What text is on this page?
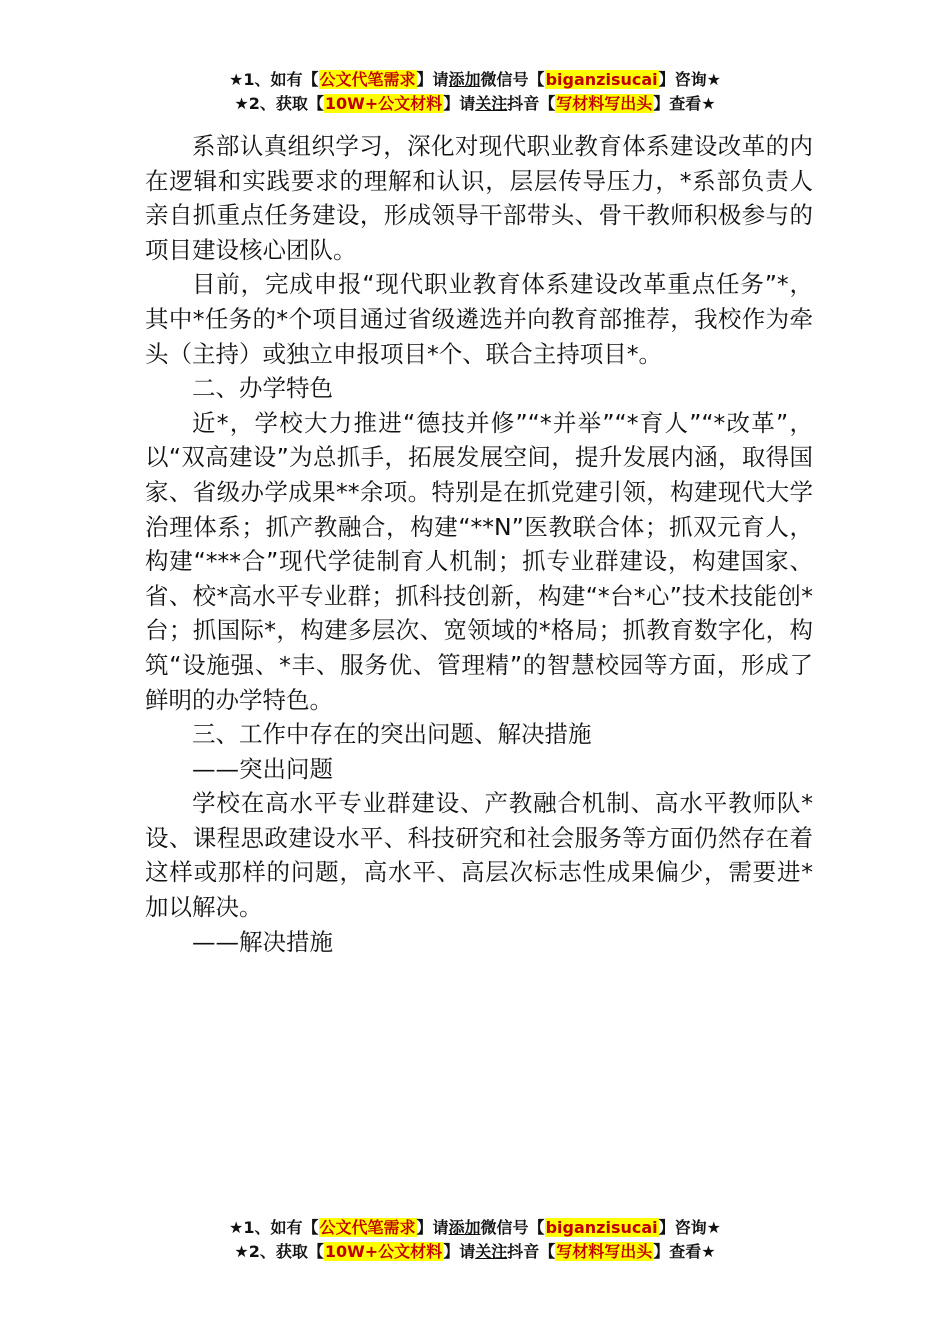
★1、如有【公文代笔需求】请添加微信号【biganzisucai】咨询★
★2、获取【10W+公文材料】请关注抖音【写材料写出头】查看★

系部认真组织学习，深化对现代职业教育体系建设改革的内在逻辑和实践要求的理解和认识，层层传导压力，*系部负责人亲自抓重点任务建设，形成领导干部带头、骨干教师积极参与的项目建设核心团队。

目前，完成申报“现代职业教育体系建设改革重点任务”*，其中*任务的*个项目通过省级遴选并向教育部推荐，我校作为牵头（主持）或独立申报项目*个、联合主持项目*。

二、办学特色

近*，学校大力推进“德技并修”“*并举”“*育人”“*改革”，以“双高建设”为总抓手，拓展发展空间，提升发展内涵，取得国家、省级办学成果**余项。特别是在抓党建引领，构建现代大学治理体系；抓产教融合，构建“**N”医教联合体；抓双元育人，构建“***合”现代学徒制育人机制；抓专业群建设，构建国家、省、校*高水平专业群；抓科技创新，构建“*台*心”技术技能创*台；抓国际*，构建多层次、宽领域的*格局；抓教育数字化，构筑“设施强、*丰、服务优、管理精”的智慧校园等方面，形成了鲜明的办学特色。

三、工作中存在的突出问题、解决措施

——突出问题

学校在高水平专业群建设、产教融合机制、高水平教师队*设、课程思政建设水平、科技研究和社会服务等方面仍然存在着这样或那样的问题，高水平、高层次标志性成果偏少，需要进*加以解决。

——解决措施

★1、如有【公文代笔需求】请添加微信号【biganzisucai】咨询★
★2、获取【10W+公文材料】请关注抖音【写材料写出头】查看★
